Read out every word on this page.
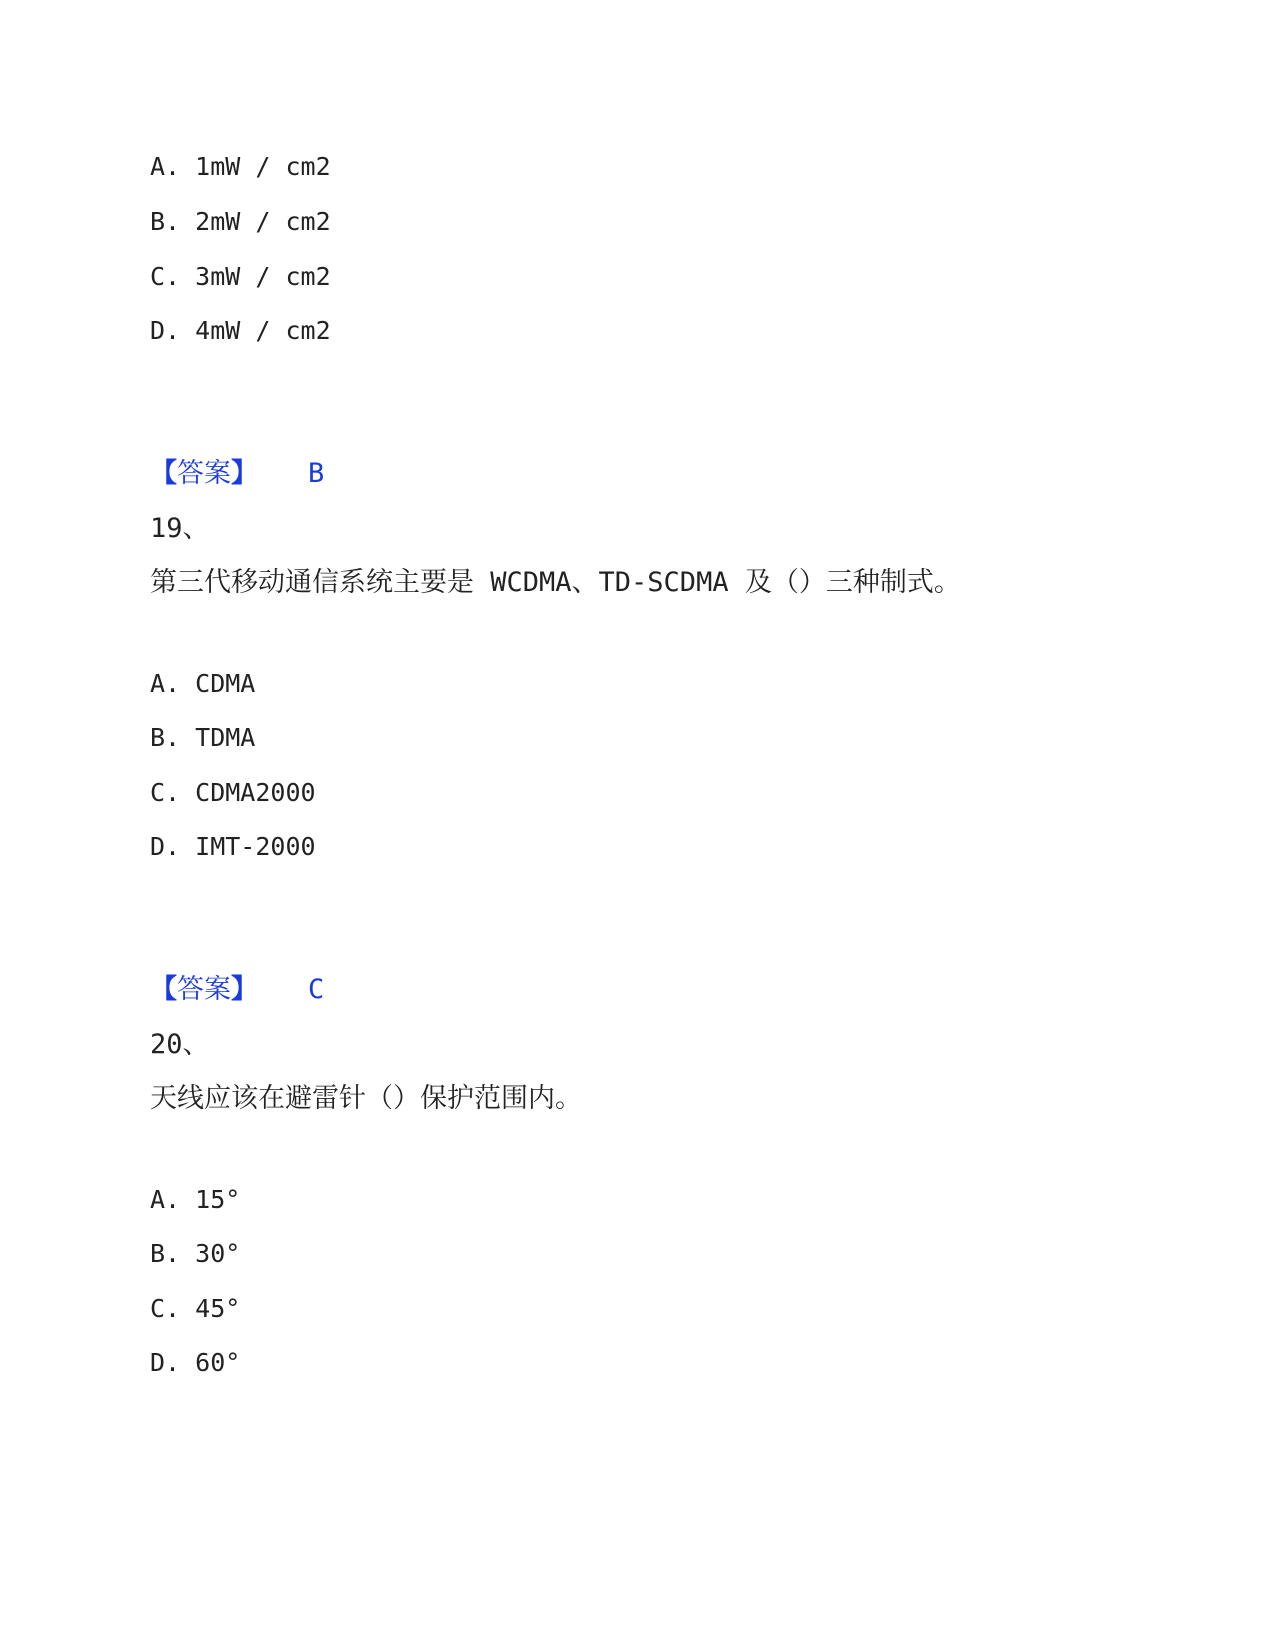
A. 1mW / cm2
B. 2mW / cm2
C. 3mW / cm2
D. 4mW / cm2
【答案】 B
19、
第三代移动通信系统主要是 WCDMA、TD-SCDMA 及（）三种制式。
A. CDMA
B. TDMA
C. CDMA2000
D. IMT-2000
【答案】 C
20、
天线应该在避雷针（）保护范围内。
A. 15°
B. 30°
C. 45°
D. 60°
